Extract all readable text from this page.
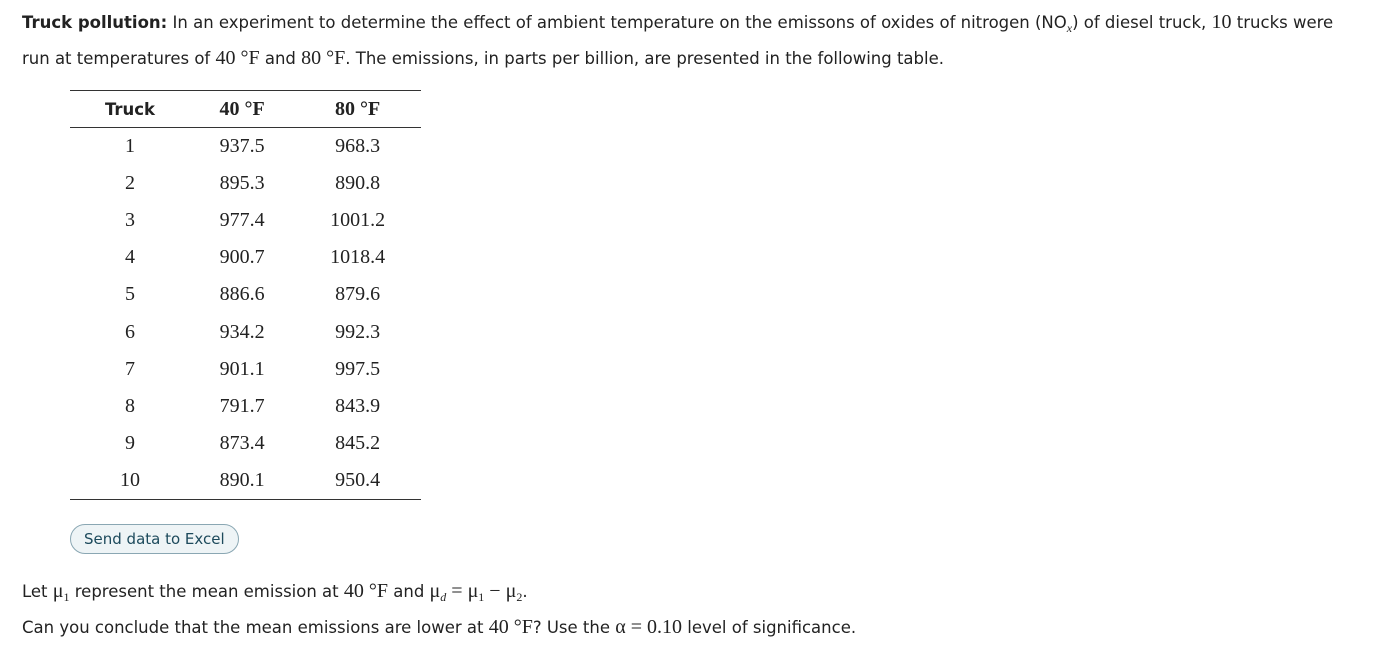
Truck pollution: In an experiment to determine the effect of ambient temperature on the emissons of oxides of nitrogen $(NO_x)$ of diesel truck, 10 trucks were
run at temperatures of 40 °F and 80 °F. The emissions, in parts per billion, are presented in the following table.
Truck	40 °F	80 °F
1	937.5	968.3
2	895.3	890.8
3	977.4	1001.2
4	900.7	1018.4
5	886.6	879.6
6	934.2	992.3
7	901.1	997.5
8	791.7	843.9
9	873.4	845.2
10	890.1	950.4
Send data to Excel
Let $\mu_1$ represent the mean emission at 40 °F and $\mu_d = \mu_1 - \mu_2$.
Can you conclude that the mean emissions are lower at 40 °F? Use the α = 0.10 level of significance.
